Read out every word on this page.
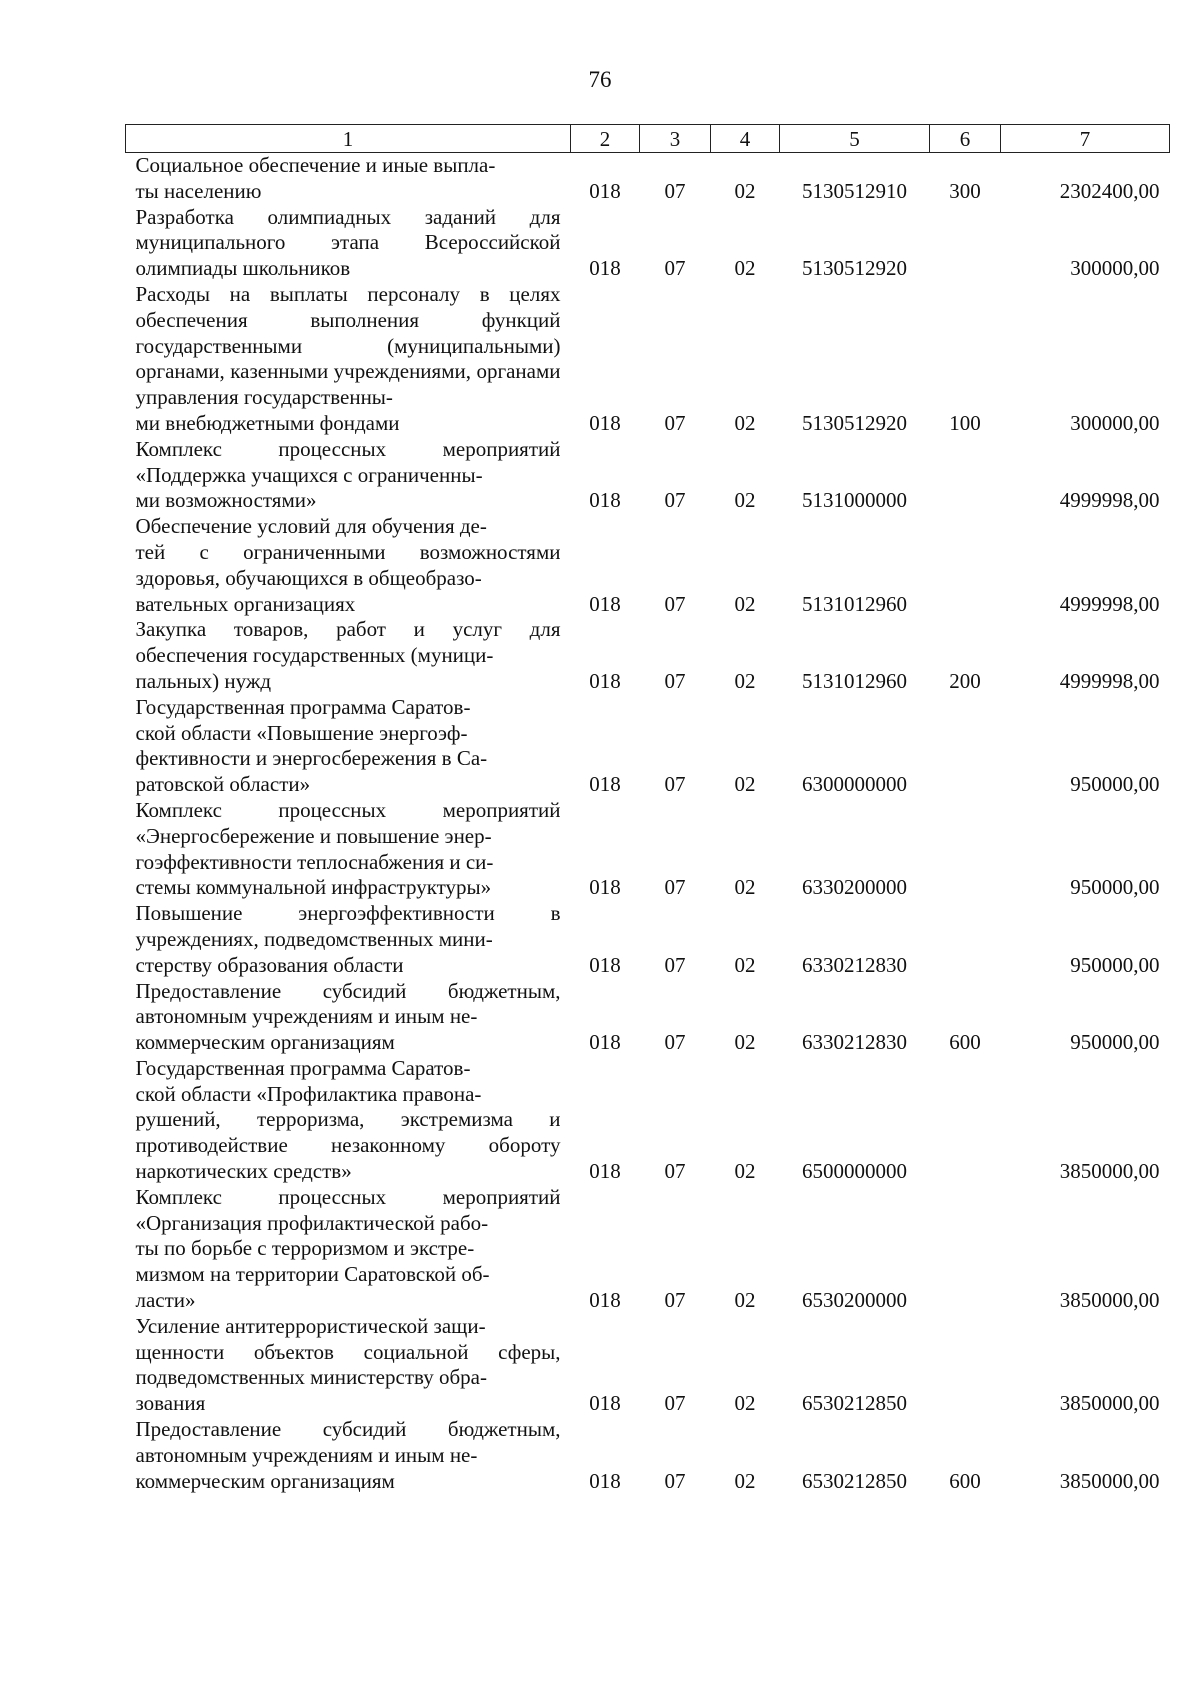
76
1	2	3	4	5	6	7
Социальное обеспечение и иные выпла-
ты населению	018	07	02	5130512910	300	2302400,00
Разработка олимпиадных заданий для муниципального этапа Всероссийской олимпиады школьников	018	07	02	5130512920		300000,00
Расходы на выплаты персоналу в целях обеспечения выполнения функций государственными (муниципальными) органами, казенными учреждениями, органами управления государственны-
ми внебюджетными фондами	018	07	02	5130512920	100	300000,00
Комплекс процессных мероприятий «Поддержка учащихся с ограниченны-
ми возможностями»	018	07	02	5131000000		4999998,00
Обеспечение условий для обучения де-
тей с ограниченными возможностями здоровья, обучающихся в общеобразо-
вательных организациях	018	07	02	5131012960		4999998,00
Закупка товаров, работ и услуг для обеспечения государственных (муници-
пальных) нужд	018	07	02	5131012960	200	4999998,00
Государственная программа Саратов-
ской области «Повышение энергоэф-
фективности и энергосбережения в Са-
ратовской области»	018	07	02	6300000000		950000,00
Комплекс процессных мероприятий «Энергосбережение и повышение энер-
гоэффективности теплоснабжения и си-
стемы коммунальной инфраструктуры»	018	07	02	6330200000		950000,00
Повышение энергоэффективности в учреждениях, подведомственных мини-
стерству образования области	018	07	02	6330212830		950000,00
Предоставление субсидий бюджетным, автономным учреждениям и иным не-
коммерческим организациям	018	07	02	6330212830	600	950000,00
Государственная программа Саратов-
ской области «Профилактика правона-
рушений, терроризма, экстремизма и противодействие незаконному обороту наркотических средств»	018	07	02	6500000000		3850000,00
Комплекс процессных мероприятий «Организация профилактической рабо-
ты по борьбе с терроризмом и экстре-
мизмом на территории Саратовской об-
ласти»	018	07	02	6530200000		3850000,00
Усиление антитеррористической защи-
щенности объектов социальной сферы, подведомственных министерству обра-
зования	018	07	02	6530212850		3850000,00
Предоставление субсидий бюджетным, автономным учреждениям и иным не-
коммерческим организациям	018	07	02	6530212850	600	3850000,00
